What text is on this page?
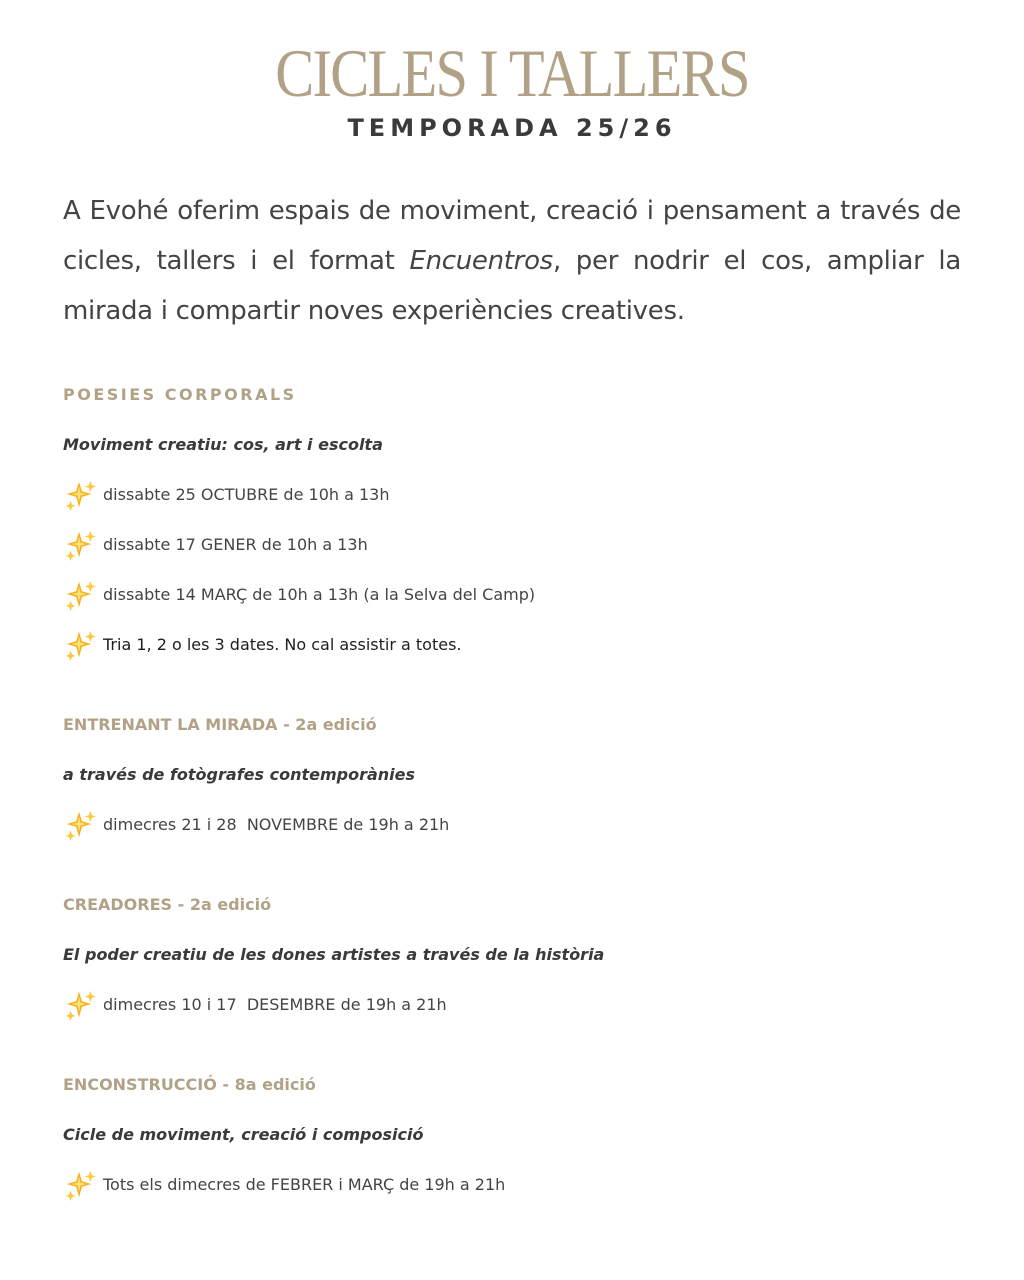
CICLES I TALLERS
TEMPORADA 25/26
A Evohé oferim espais de moviment, creació i pensament a través de cicles, tallers i el format Encuentros, per nodrir el cos, ampliar la mirada i compartir noves experiències creatives.
POESIES CORPORALS
Moviment creatiu: cos, art i escolta
dissabte 25 OCTUBRE de 10h a 13h
dissabte 17 GENER de 10h a 13h
dissabte 14 MARÇ de 10h a 13h (a la Selva del Camp)
Tria 1, 2 o les 3 dates. No cal assistir a totes.
ENTRENANT LA MIRADA - 2a edició
a través de fotògrafes contemporànies
dimecres 21 i 28  NOVEMBRE de 19h a 21h
CREADORES - 2a edició
El poder creatiu de les dones artistes a través de la història
dimecres 10 i 17  DESEMBRE de 19h a 21h
ENCONSTRUCCIÓ - 8a edició
Cicle de moviment, creació i composició
Tots els dimecres de FEBRER i MARÇ de 19h a 21h
